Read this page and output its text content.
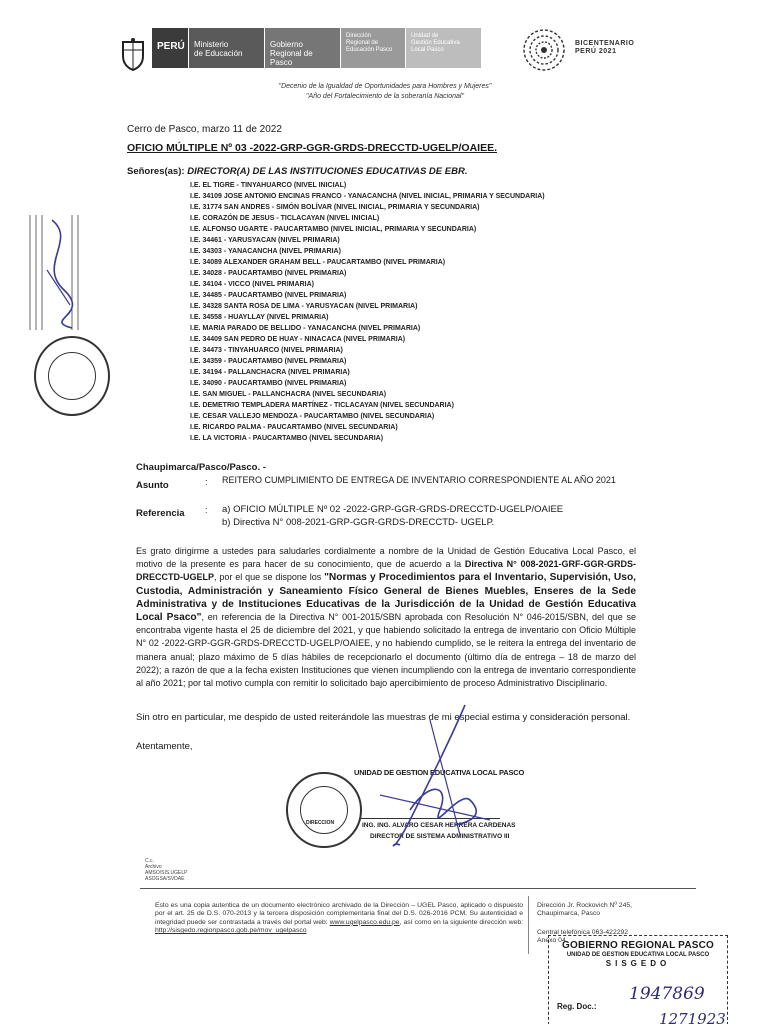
PERÚ	Ministerio
de Educación
Gobierno
Regional de Pasco
Dirección
Regional de
Educación Pasco
Unidad de
Gestión Educativa
Local Pasco
BICENTENARIO
PERÚ 2021
"Decenio de la Igualdad de Oportunidades para Hombres y Mujeres"
"Año del Fortalecimiento de la soberanía Nacional"
Cerro de Pasco, marzo 11 de 2022
OFICIO MÚLTIPLE Nº 03 -2022-GRP-GGR-GRDS-DRECCTD-UGELP/OAIEE.
Señores(as): DIRECTOR(A) DE LAS INSTITUCIONES EDUCATIVAS DE EBR.
I.E. EL TIGRE - TINYAHUARCO (NIVEL INICIAL)
I.E. 34109 JOSE ANTONIO ENCINAS FRANCO - YANACANCHA (NIVEL INICIAL, PRIMARIA Y SECUNDARIA)
I.E. 31774 SAN ANDRES - SIMÓN BOLÍVAR (NIVEL INICIAL, PRIMARIA Y SECUNDARIA)
I.E. CORAZÓN DE JESUS - TICLACAYAN (NIVEL INICIAL)
I.E. ALFONSO UGARTE - PAUCARTAMBO (NIVEL INICIAL, PRIMARIA Y SECUNDARIA)
I.E. 34461 - YARUSYACAN (NIVEL PRIMARIA)
I.E. 34303 - YANACANCHA (NIVEL PRIMARIA)
I.E. 34089 ALEXANDER GRAHAM BELL - PAUCARTAMBO (NIVEL PRIMARIA)
I.E. 34028 - PAUCARTAMBO (NIVEL PRIMARIA)
I.E. 34104 - VICCO (NIVEL PRIMARIA)
I.E. 34485 - PAUCARTAMBO (NIVEL PRIMARIA)
I.E. 34328 SANTA ROSA DE LIMA - YARUSYACAN (NIVEL PRIMARIA)
I.E. 34558 - HUAYLLAY (NIVEL PRIMARIA)
I.E. MARIA PARADO DE BELLIDO - YANACANCHA (NIVEL PRIMARIA)
I.E. 34409 SAN PEDRO DE HUAY - NINACACA (NIVEL PRIMARIA)
I.E. 34473 - TINYAHUARCO (NIVEL PRIMARIA)
I.E. 34359 - PAUCARTAMBO (NIVEL PRIMARIA)
I.E. 34194 - PALLANCHACRA (NIVEL PRIMARIA)
I.E. 34090 - PAUCARTAMBO (NIVEL PRIMARIA)
I.E. SAN MIGUEL - PALLANCHACRA (NIVEL SECUNDARIA)
I.E. DEMETRIO TEMPLADERA MARTÍNEZ - TICLACAYAN (NIVEL SECUNDARIA)
I.E. CESAR VALLEJO MENDOZA - PAUCARTAMBO (NIVEL SECUNDARIA)
I.E. RICARDO PALMA - PAUCARTAMBO (NIVEL SECUNDARIA)
I.E. LA VICTORIA - PAUCARTAMBO (NIVEL SECUNDARIA)
Chaupimarca/Pasco/Pasco. -
Asunto	: REITERO CUMPLIMIENTO DE ENTREGA DE INVENTARIO CORRESPONDIENTE AL AÑO 2021
Referencia : a) OFICIO MÚLTIPLE Nº 02 -2022-GRP-GGR-GRDS-DRECCTD-UGELP/OAIEE
b) Directiva N° 008-2021-GRP-GGR-GRDS-DRECCTD- UGELP.
Es grato dirigirme a ustedes para saludarles cordialmente a nombre de la Unidad de Gestión Educativa Local Pasco, el motivo de la presente es para hacer de su conocimiento, que de acuerdo a la Directiva N° 008-2021-GRF-GGR-GRDS-DRECCTD-UGELP, por el que se dispone los "Normas y Procedimientos para el Inventario, Supervisión, Uso, Custodia, Administración y Saneamiento Físico General de Bienes Muebles, Enseres de la Sede Administrativa y de Instituciones Educativas de la Jurisdicción de la Unidad de Gestión Educativa Local Psaco", en referencia de la Directiva N° 001-2015/SBN aprobada con Resolución N° 046-2015/SBN, del que se encontraba vigente hasta el 25 de diciembre del 2021, y que habiendo solicitado la entrega de inventario con Oficio Múltiple N° 02 -2022-GRP-GGR-GRDS-DRECCTD-UGELP/OAIEE, y no habiendo cumplido, se le reitera la entrega del inventario de manera anual; plazo máximo de 5 días hábiles de recepcionarlo el documento (último día de entrega – 18 de marzo del 2022); a razón de que a la fecha existen Instituciones que vienen incumpliendo con la entrega de inventario correspondiente al año 2021; por tal motivo cumpla con remitir lo solicitado bajo apercibimiento de proceso Administrativo Disciplinario.
Sin otro en particular, me despido de usted reiterándole las muestras de mi especial estima y consideración personal.
Atentamente,
DIRECCION
UNIDAD DE GESTION EDUCATIVA LOCAL PASCO
ING. ING. ALVARO CESAR HERRERA CARDENAS
DIRECTOR DE SISTEMA ADMINISTRATIVO III
C.c.
Archivo
AMSO/SIS.UGELP
ASOGSA/SVDAE
Esto es una copia autentica de un documento electrónico archivado de la Dirección – UGEL Pasco, aplicado o dispuesto por el art. 25 de D.S. 070-2013 y la tercera disposición complementaria final del D.S. 026-2016 PCM. Su autenticidad e integridad puede ser contrastada a través del portal web: www.ugelpasco.edu.pe, así como en la siguiente dirección web: http://sisgedo.regionpasco.gob.pe/mov_ugelpasco
Dirección Jr. Rockovich Nº 245,
Chaupimarca, Pasco
Central telefónica 063-422292
Anexo 04
GOBIERNO REGIONAL PASCO
UNIDAD DE GESTION EDUCATIVA LOCAL PASCO
SISGEDO
1947869
Reg. Doc.:
1271923
